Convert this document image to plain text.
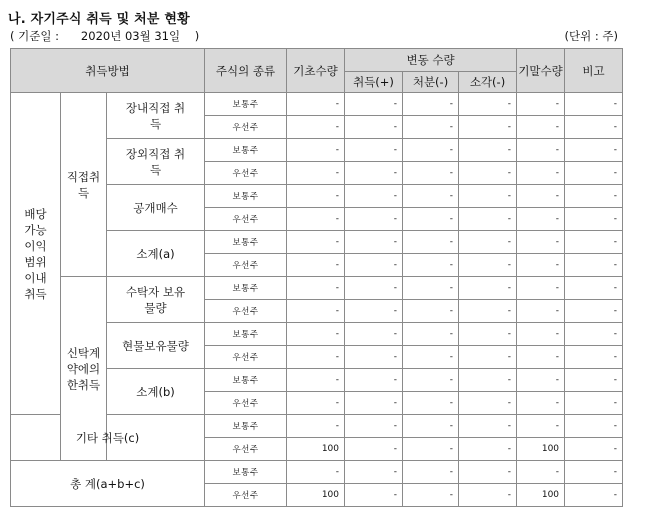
나. 자기주식 취득 및 처분 현황
( 기준일 :      2020년 03월 31일    )	(단위 : 주)
취득방법			주식의 종류	기초수량	변동 수량			기말수량	비고
					취득(+)	처분(-)	소각(-)		
배당가능이익범위이내취득	직접취득	장내직접 취득	보통주	-	-	-	-	-	-
			우선주	-	-	-	-	-	-
		장외직접 취득	보통주	-	-	-	-	-	-
			우선주	-	-	-	-	-	-
		공개매수	보통주	-	-	-	-	-	-
			우선주	-	-	-	-	-	-
		소계(a)	보통주	-	-	-	-	-	-
			우선주	-	-	-	-	-	-
	신탁계약에의한취득	수탁자 보유물량	보통주	-	-	-	-	-	-
			우선주	-	-	-	-	-	-
		현물보유물량	보통주	-	-	-	-	-	-
			우선주	-	-	-	-	-	-
		소계(b)	보통주	-	-	-	-	-	-
			우선주	-	-	-	-	-	-
기타 취득(c)			보통주	-	-	-	-	-	-
			우선주	100	-	-	-	100	-
총 계(a+b+c)			보통주	-	-	-	-	-	-
			우선주	100	-	-	-	100	-
